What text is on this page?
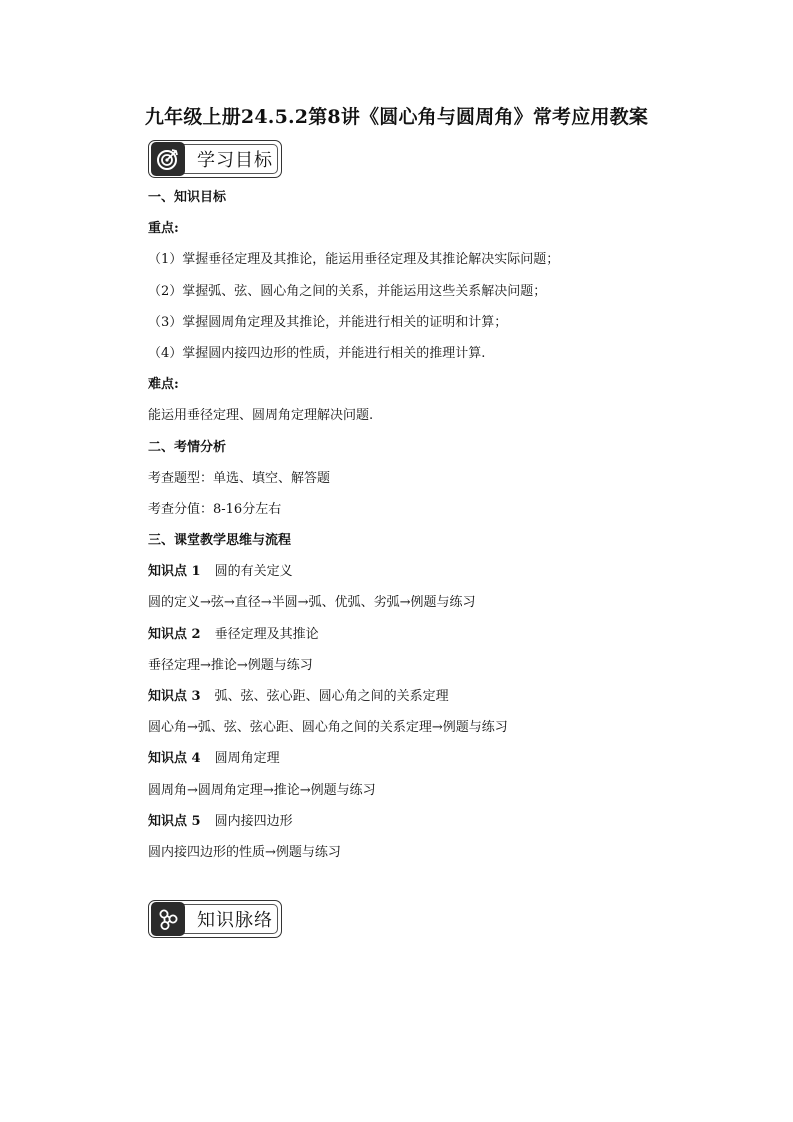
九年级上册24.5.2第8讲《圆心角与圆周角》常考应用教案
学习目标
一、知识目标
重点:
（1）掌握垂径定理及其推论，能运用垂径定理及其推论解决实际问题；
（2）掌握弧、弦、圆心角之间的关系，并能运用这些关系解决问题；
（3）掌握圆周角定理及其推论，并能进行相关的证明和计算；
（4）掌握圆内接四边形的性质，并能进行相关的推理计算.
难点:
能运用垂径定理、圆周角定理解决问题.
二、考情分析
考查题型：单选、填空、解答题
考查分值：8-16分左右
三、课堂教学思维与流程
知识点 1 圆的有关定义
圆的定义→弦→直径→半圆→弧、优弧、劣弧→例题与练习
知识点 2 垂径定理及其推论
垂径定理→推论→例题与练习
知识点 3 弧、弦、弦心距、圆心角之间的关系定理
圆心角→弧、弦、弦心距、圆心角之间的关系定理→例题与练习
知识点 4 圆周角定理
圆周角→圆周角定理→推论→例题与练习
知识点 5 圆内接四边形
圆内接四边形的性质→例题与练习
知识脉络
